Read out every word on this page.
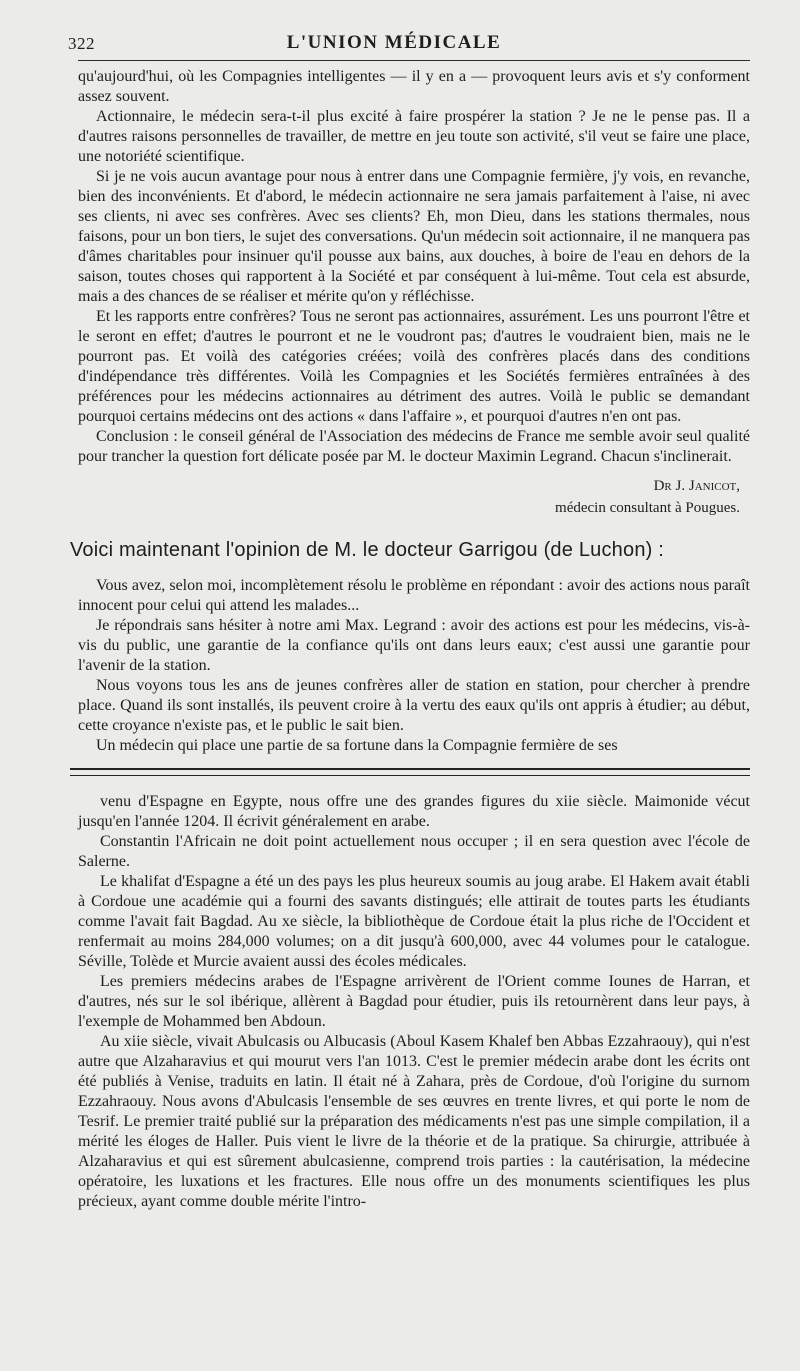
322	L'UNION MÉDICALE

qu'aujourd'hui, où les Compagnies intelligentes — il y en a — provoquent leurs avis et s'y conforment assez souvent.

Actionnaire, le médecin sera-t-il plus excité à faire prospérer la station ? Je ne le pense pas. Il a d'autres raisons personnelles de travailler, de mettre en jeu toute son activité, s'il veut se faire une place, une notoriété scientifique.

Si je ne vois aucun avantage pour nous à entrer dans une Compagnie fermière, j'y vois, en revanche, bien des inconvénients. Et d'abord, le médecin actionnaire ne sera jamais parfaitement à l'aise, ni avec ses clients, ni avec ses confrères. Avec ses clients? Eh, mon Dieu, dans les stations thermales, nous faisons, pour un bon tiers, le sujet des conversations. Qu'un médecin soit actionnaire, il ne manquera pas d'âmes charitables pour insinuer qu'il pousse aux bains, aux douches, à boire de l'eau en dehors de la saison, toutes choses qui rapportent à la Société et par conséquent à lui-même. Tout cela est absurde, mais a des chances de se réaliser et mérite qu'on y réfléchisse.

Et les rapports entre confrères? Tous ne seront pas actionnaires, assurément. Les uns pourront l'être et le seront en effet; d'autres le pourront et ne le voudront pas; d'autres le voudraient bien, mais ne le pourront pas. Et voilà des catégories créées; voilà des confrères placés dans des conditions d'indépendance très différentes. Voilà les Compagnies et les Sociétés fermières entraînées à des préférences pour les médecins actionnaires au détriment des autres. Voilà le public se demandant pourquoi certains médecins ont des actions « dans l'affaire », et pourquoi d'autres n'en ont pas.

Conclusion : le conseil général de l'Association des médecins de France me semble avoir seul qualité pour trancher la question fort délicate posée par M. le docteur Maximin Legrand. Chacun s'inclinerait.

Dr J. Janicot,
médecin consultant à Pougues.
Voici maintenant l'opinion de M. le docteur Garrigou (de Luchon) :

Vous avez, selon moi, incomplètement résolu le problème en répondant : avoir des actions nous paraît innocent pour celui qui attend les malades...

Je répondrais sans hésiter à notre ami Max. Legrand : avoir des actions est pour les médecins, vis-à-vis du public, une garantie de la confiance qu'ils ont dans leurs eaux; c'est aussi une garantie pour l'avenir de la station.

Nous voyons tous les ans de jeunes confrères aller de station en station, pour chercher à prendre place. Quand ils sont installés, ils peuvent croire à la vertu des eaux qu'ils ont appris à étudier; au début, cette croyance n'existe pas, et le public le sait bien.

Un médecin qui place une partie de sa fortune dans la Compagnie fermière de ses

venu d'Espagne en Egypte, nous offre une des grandes figures du xiie siècle. Maimonide vécut jusqu'en l'année 1204. Il écrivit généralement en arabe.

Constantin l'Africain ne doit point actuellement nous occuper ; il en sera question avec l'école de Salerne.

Le khalifat d'Espagne a été un des pays les plus heureux soumis au joug arabe. El Hakem avait établi à Cordoue une académie qui a fourni des savants distingués; elle attirait de toutes parts les étudiants comme l'avait fait Bagdad. Au xe siècle, la bibliothèque de Cordoue était la plus riche de l'Occident et renfermait au moins 284,000 volumes; on a dit jusqu'à 600,000, avec 44 volumes pour le catalogue. Séville, Tolède et Murcie avaient aussi des écoles médicales.

Les premiers médecins arabes de l'Espagne arrivèrent de l'Orient comme Iounes de Harran, et d'autres, nés sur le sol ibérique, allèrent à Bagdad pour étudier, puis ils retournèrent dans leur pays, à l'exemple de Mohammed ben Abdoun.

Au xiie siècle, vivait Abulcasis ou Albucasis (Aboul Kasem Khalef ben Abbas Ezzahraouy), qui n'est autre que Alzaharavius et qui mourut vers l'an 1013. C'est le premier médecin arabe dont les écrits ont été publiés à Venise, traduits en latin. Il était né à Zahara, près de Cordoue, d'où l'origine du surnom Ezzahraouy. Nous avons d'Abulcasis l'ensemble de ses œuvres en trente livres, et qui porte le nom de Tesrif. Le premier traité publié sur la préparation des médicaments n'est pas une simple compilation, il a mérité les éloges de Haller. Puis vient le livre de la théorie et de la pratique. Sa chirurgie, attribuée à Alzaharavius et qui est sûrement abulcasienne, comprend trois parties : la cautérisation, la médecine opératoire, les luxations et les fractures. Elle nous offre un des monuments scientifiques les plus précieux, ayant comme double mérite l'intro-
